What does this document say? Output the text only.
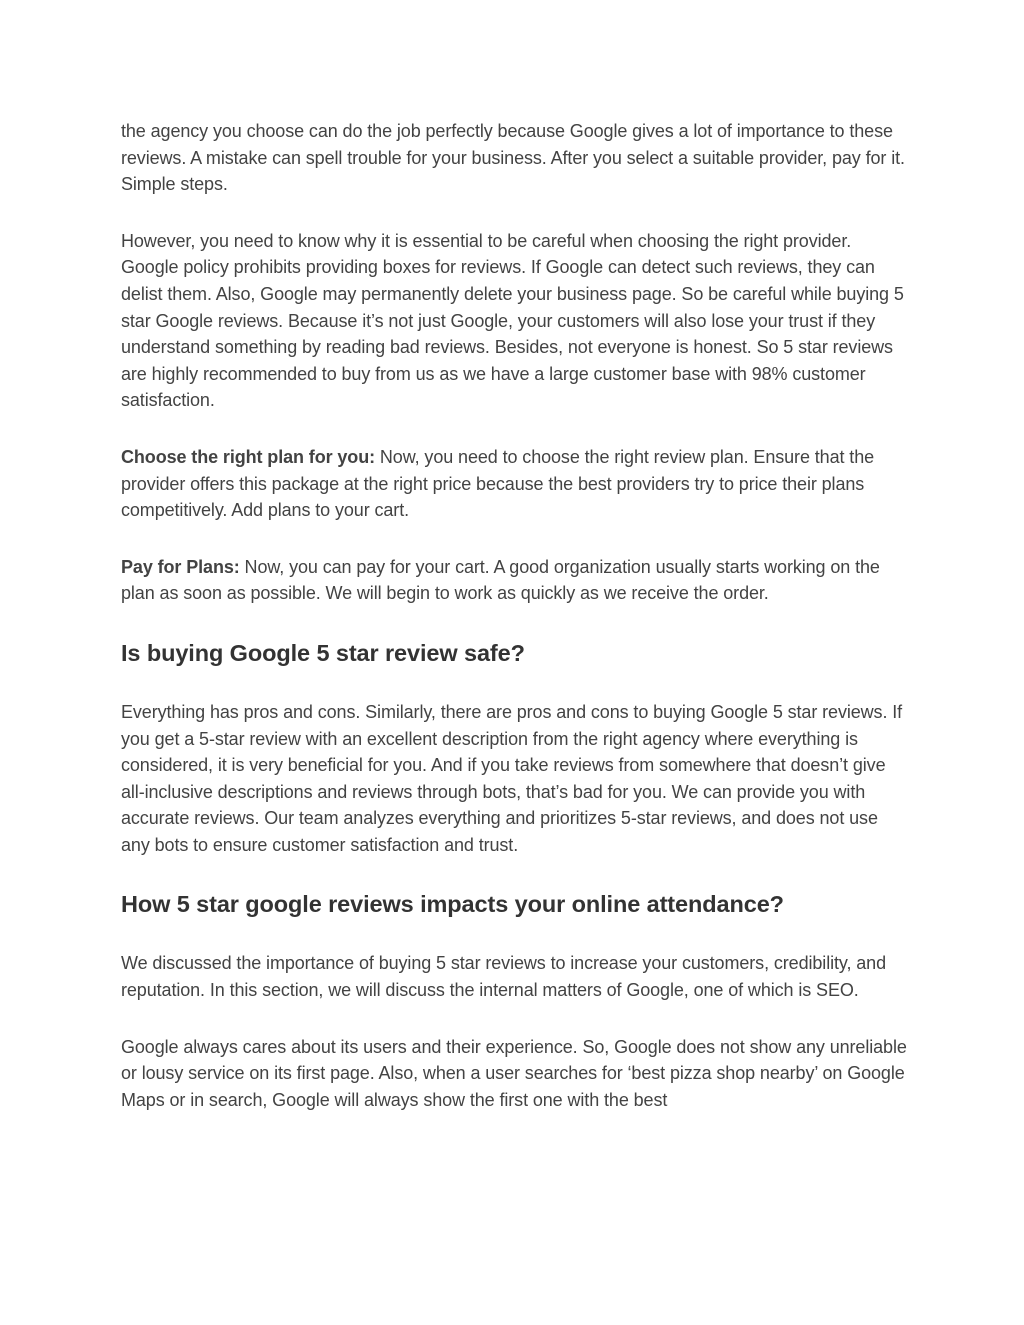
the agency you choose can do the job perfectly because Google gives a lot of importance to these reviews. A mistake can spell trouble for your business. After you select a suitable provider, pay for it. Simple steps.

However, you need to know why it is essential to be careful when choosing the right provider. Google policy prohibits providing boxes for reviews. If Google can detect such reviews, they can delist them. Also, Google may permanently delete your business page. So be careful while buying 5 star Google reviews. Because it’s not just Google, your customers will also lose your trust if they understand something by reading bad reviews. Besides, not everyone is honest. So 5 star reviews are highly recommended to buy from us as we have a large customer base with 98% customer satisfaction.

Choose the right plan for you: Now, you need to choose the right review plan. Ensure that the provider offers this package at the right price because the best providers try to price their plans competitively. Add plans to your cart.

Pay for Plans: Now, you can pay for your cart. A good organization usually starts working on the plan as soon as possible. We will begin to work as quickly as we receive the order.

Is buying Google 5 star review safe?

Everything has pros and cons. Similarly, there are pros and cons to buying Google 5 star reviews. If you get a 5-star review with an excellent description from the right agency where everything is considered, it is very beneficial for you. And if you take reviews from somewhere that doesn’t give all-inclusive descriptions and reviews through bots, that’s bad for you. We can provide you with accurate reviews. Our team analyzes everything and prioritizes 5-star reviews, and does not use any bots to ensure customer satisfaction and trust.

How 5 star google reviews impacts your online attendance?

We discussed the importance of buying 5 star reviews to increase your customers, credibility, and reputation. In this section, we will discuss the internal matters of Google, one of which is SEO.

Google always cares about its users and their experience. So, Google does not show any unreliable or lousy service on its first page. Also, when a user searches for ‘best pizza shop nearby’ on Google Maps or in search, Google will always show the first one with the best
